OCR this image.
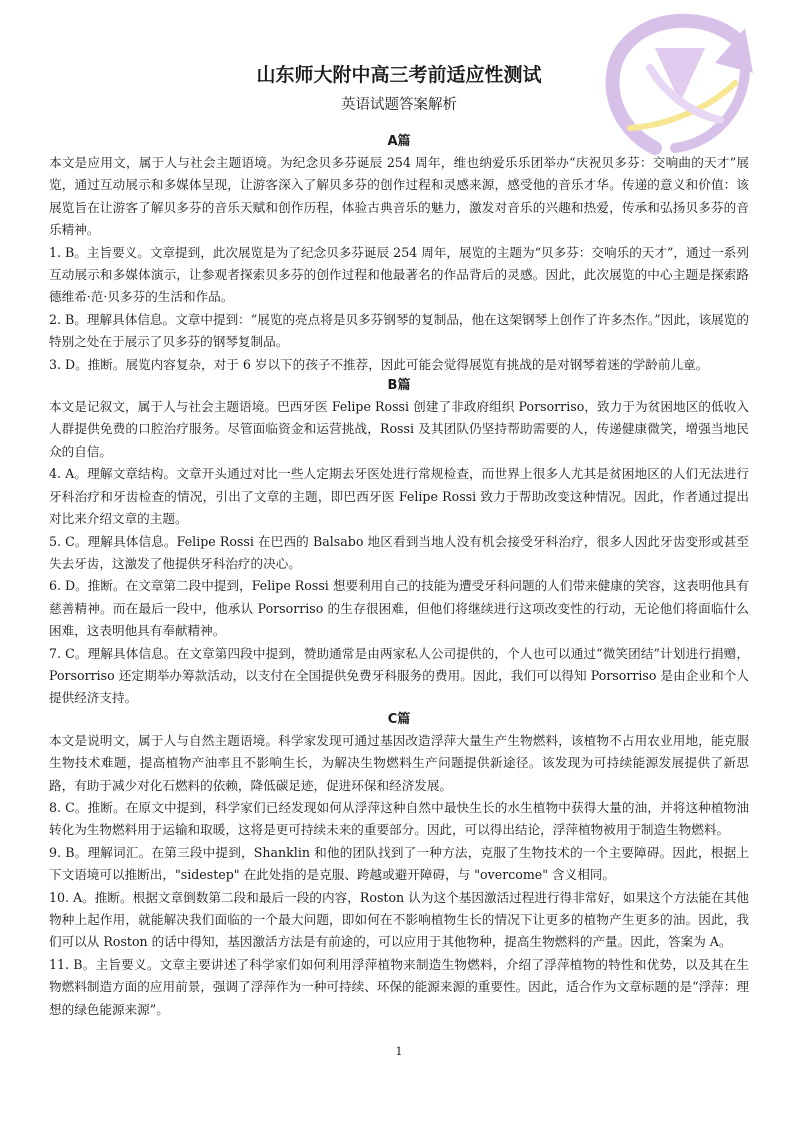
山东师大附中高三考前适应性测试
英语试题答案解析
A篇

本文是应用文，属于人与社会主题语境。为纪念贝多芬诞辰 254 周年，维也纳爱乐乐团举办“庆祝贝多芬：交响曲的天才”展览，通过互动展示和多媒体呈现，让游客深入了解贝多芬的创作过程和灵感来源，感受他的音乐才华。传递的意义和价值：该展览旨在让游客了解贝多芬的音乐天赋和创作历程，体验古典音乐的魅力，激发对音乐的兴趣和热爱，传承和弘扬贝多芬的音乐精神。

1. B。主旨要义。文章提到，此次展览是为了纪念贝多芬诞辰 254 周年，展览的主题为“贝多芬：交响乐的天才”，通过一系列互动展示和多媒体演示，让参观者探索贝多芬的创作过程和他最著名的作品背后的灵感。因此，此次展览的中心主题是探索路德维希·范·贝多芬的生活和作品。

2. B。理解具体信息。文章中提到：“展览的亮点将是贝多芬钢琴的复制品，他在这架钢琴上创作了许多杰作。”因此，该展览的特别之处在于展示了贝多芬的钢琴复制品。

3. D。推断。展览内容复杂，对于 6 岁以下的孩子不推荐，因此可能会觉得展览有挑战的是对钢琴着迷的学龄前儿童。

B篇

本文是记叙文，属于人与社会主题语境。巴西牙医 Felipe Rossi 创建了非政府组织 Porsorriso，致力于为贫困地区的低收入人群提供免费的口腔治疗服务。尽管面临资金和运营挑战，Rossi 及其团队仍坚持帮助需要的人，传递健康微笑，增强当地民众的自信。

4. A。理解文章结构。文章开头通过对比一些人定期去牙医处进行常规检查，而世界上很多人尤其是贫困地区的人们无法进行牙科治疗和牙齿检查的情况，引出了文章的主题，即巴西牙医 Felipe Rossi 致力于帮助改变这种情况。因此，作者通过提出对比来介绍文章的主题。

5. C。理解具体信息。Felipe Rossi 在巴西的 Balsabo 地区看到当地人没有机会接受牙科治疗，很多人因此牙齿变形或甚至失去牙齿，这激发了他提供牙科治疗的决心。

6. D。推断。在文章第二段中提到，Felipe Rossi 想要利用自己的技能为遭受牙科问题的人们带来健康的笑容，这表明他具有慈善精神。而在最后一段中，他承认 Porsorriso 的生存很困难，但他们将继续进行这项改变性的行动，无论他们将面临什么困难，这表明他具有奉献精神。

7. C。理解具体信息。在文章第四段中提到，赞助通常是由两家私人公司提供的，个人也可以通过“微笑团结”计划进行捐赠，Porsorriso 还定期举办筹款活动，以支付在全国提供免费牙科服务的费用。因此，我们可以得知 Porsorriso 是由企业和个人提供经济支持。

C篇

本文是说明文，属于人与自然主题语境。科学家发现可通过基因改造浮萍大量生产生物燃料，该植物不占用农业用地，能克服生物技术难题，提高植物产油率且不影响生长，为解决生物燃料生产问题提供新途径。该发现为可持续能源发展提供了新思路，有助于减少对化石燃料的依赖，降低碳足迹，促进环保和经济发展。

8. C。推断。在原文中提到，科学家们已经发现如何从浮萍这种自然中最快生长的水生植物中获得大量的油，并将这种植物油转化为生物燃料用于运输和取暖，这将是更可持续未来的重要部分。因此，可以得出结论，浮萍植物被用于制造生物燃料。

9. B。理解词汇。在第三段中提到，Shanklin 和他的团队找到了一种方法，克服了生物技术的一个主要障碍。因此，根据上下文语境可以推断出，"sidestep" 在此处指的是克服、跨越或避开障碍，与 "overcome" 含义相同。

10. A。推断。根据文章倒数第二段和最后一段的内容，Roston 认为这个基因激活过程进行得非常好，如果这个方法能在其他物种上起作用，就能解决我们面临的一个最大问题，即如何在不影响植物生长的情况下让更多的植物产生更多的油。因此，我们可以从 Roston 的话中得知，基因激活方法是有前途的，可以应用于其他物种，提高生物燃料的产量。因此，答案为 A。

11. B。主旨要义。文章主要讲述了科学家们如何利用浮萍植物来制造生物燃料，介绍了浮萍植物的特性和优势，以及其在生物燃料制造方面的应用前景，强调了浮萍作为一种可持续、环保的能源来源的重要性。因此，适合作为文章标题的是“浮萍：理想的绿色能源来源”。

1
